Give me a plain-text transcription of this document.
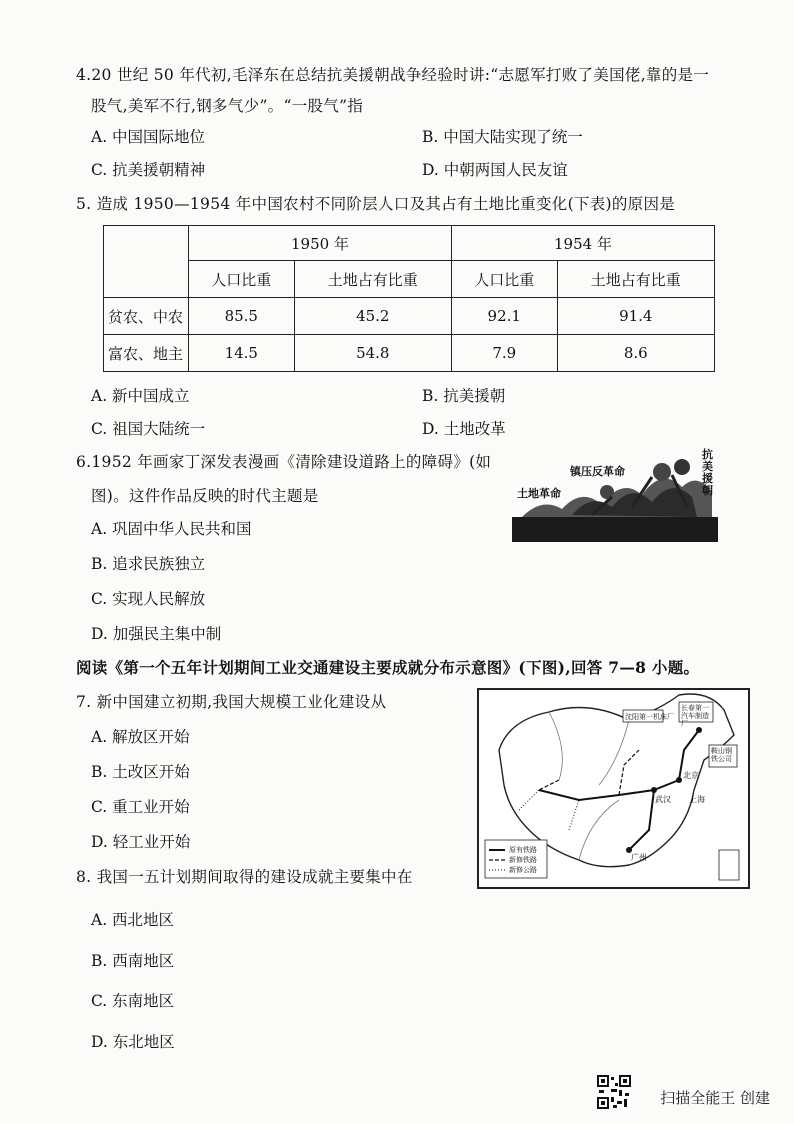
4.20 世纪 50 年代初,毛泽东在总结抗美援朝战争经验时讲:“志愿军打败了美国佬,靠的是一
股气,美军不行,钢多气少”。“一股气”指
A. 中国国际地位	B. 中国大陆实现了统一
C. 抗美援朝精神	D. 中朝两国人民友谊
5. 造成 1950—1954 年中国农村不同阶层人口及其占有土地比重变化(下表)的原因是
	1950 年		1954 年	
	人口比重	土地占有比重	人口比重	土地占有比重
贫农、中农	85.5	45.2	92.1	91.4
富农、地主	14.5	54.8	7.9	8.6
A. 新中国成立	B. 抗美援朝
C. 祖国大陆统一	D. 土地改革
6.1952 年画家丁深发表漫画《清除建设道路上的障碍》(如
图)。这件作品反映的时代主题是
A. 巩固中华人民共和国
B. 追求民族独立
C. 实现人民解放
D. 加强民主集中制
土地革命
镇压反革命
抗美援朝
阅读《第一个五年计划期间工业交通建设主要成就分布示意图》(下图),回答 7—8 小题。
7. 新中国建立初期,我国大规模工业化建设从
A. 解放区开始
B. 土改区开始
C. 重工业开始
D. 轻工业开始
沈阳第一机床厂
长春第一汽车制造厂
鞍山钢铁公司
北京
武汉 上海
广州
原有铁路
新修铁路
新修公路
8. 我国一五计划期间取得的建设成就主要集中在
A. 西北地区
B. 西南地区
C. 东南地区
D. 东北地区
扫描全能王 创建
